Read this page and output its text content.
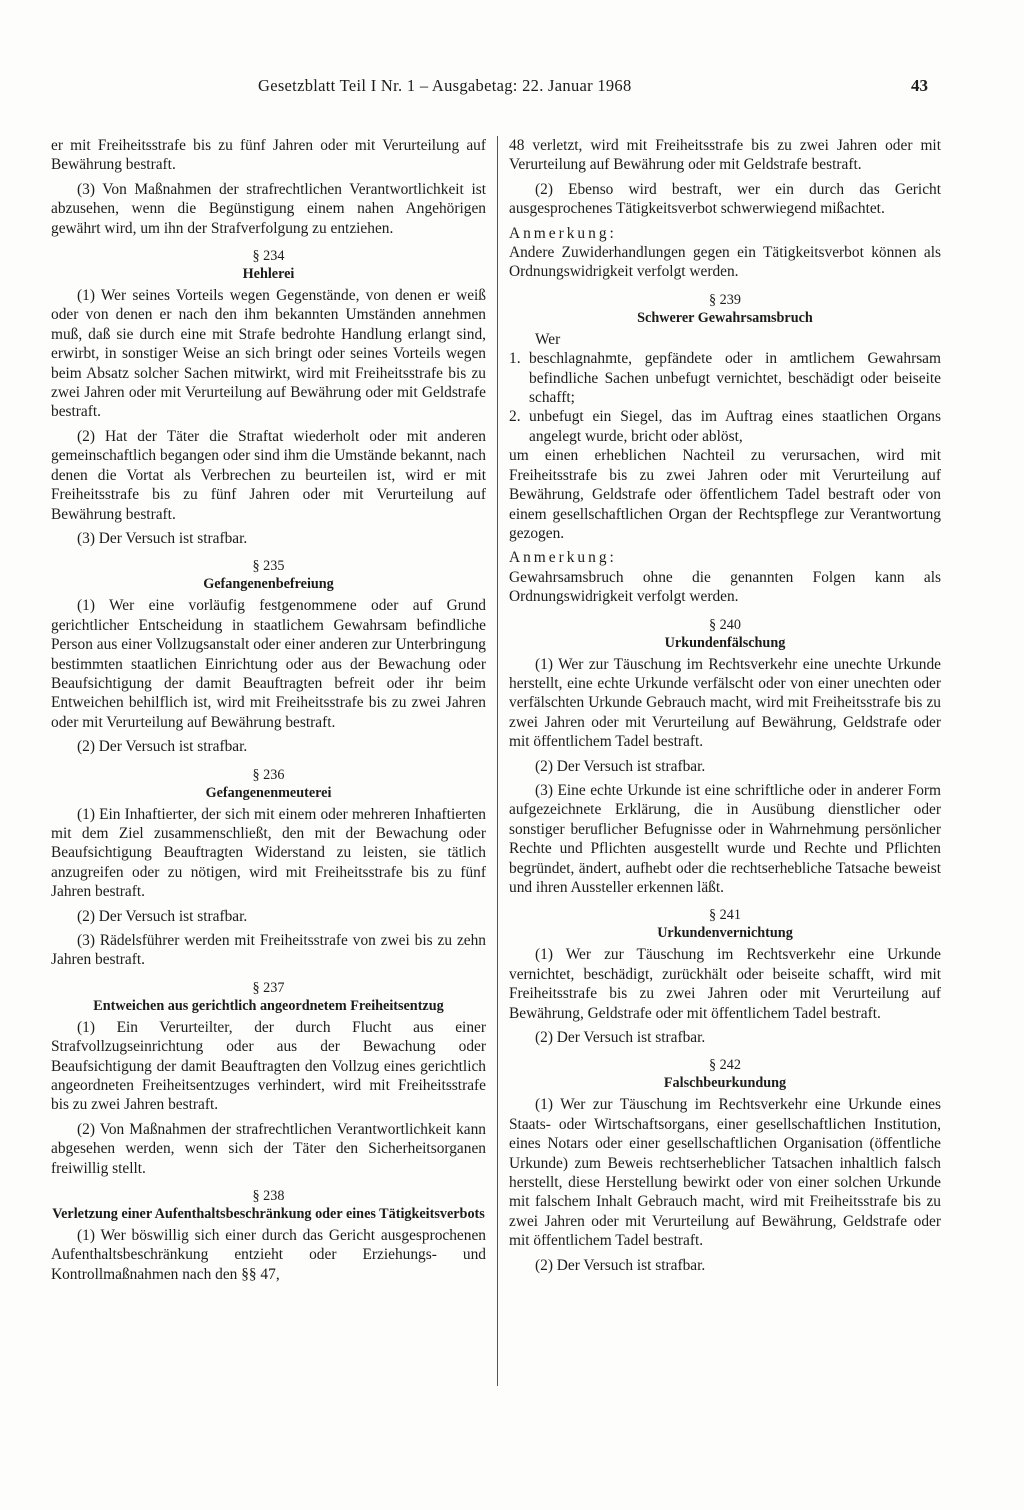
Gesetzblatt Teil I Nr. 1 – Ausgabetag: 22. Januar 1968	43

er mit Freiheitsstrafe bis zu fünf Jahren oder mit Verurteilung auf Bewährung bestraft.

(3) Von Maßnahmen der strafrechtlichen Verantwortlichkeit ist abzusehen, wenn die Begünstigung einem nahen Angehörigen gewährt wird, um ihn der Strafverfolgung zu entziehen.

§ 234
Hehlerei

(1) Wer seines Vorteils wegen Gegenstände, von denen er weiß oder von denen er nach den ihm bekannten Umständen annehmen muß, daß sie durch eine mit Strafe bedrohte Handlung erlangt sind, erwirbt, in sonstiger Weise an sich bringt oder seines Vorteils wegen beim Absatz solcher Sachen mitwirkt, wird mit Freiheitsstrafe bis zu zwei Jahren oder mit Verurteilung auf Bewährung oder mit Geldstrafe bestraft.

(2) Hat der Täter die Straftat wiederholt oder mit anderen gemeinschaftlich begangen oder sind ihm die Umstände bekannt, nach denen die Vortat als Verbrechen zu beurteilen ist, wird er mit Freiheitsstrafe bis zu fünf Jahren oder mit Verurteilung auf Bewährung bestraft.

(3) Der Versuch ist strafbar.

§ 235
Gefangenenbefreiung

(1) Wer eine vorläufig festgenommene oder auf Grund gerichtlicher Entscheidung in staatlichem Gewahrsam befindliche Person aus einer Vollzugsanstalt oder einer anderen zur Unterbringung bestimmten staatlichen Einrichtung oder aus der Bewachung oder Beaufsichtigung der damit Beauftragten befreit oder ihr beim Entweichen behilflich ist, wird mit Freiheitsstrafe bis zu zwei Jahren oder mit Verurteilung auf Bewährung bestraft.

(2) Der Versuch ist strafbar.

§ 236
Gefangenenmeuterei

(1) Ein Inhaftierter, der sich mit einem oder mehreren Inhaftierten mit dem Ziel zusammenschließt, den mit der Bewachung oder Beaufsichtigung Beauftragten Widerstand zu leisten, sie tätlich anzugreifen oder zu nötigen, wird mit Freiheitsstrafe bis zu fünf Jahren bestraft.

(2) Der Versuch ist strafbar.

(3) Rädelsführer werden mit Freiheitsstrafe von zwei bis zu zehn Jahren bestraft.

§ 237
Entweichen aus gerichtlich angeordnetem Freiheitsentzug

(1) Ein Verurteilter, der durch Flucht aus einer Strafvollzugseinrichtung oder aus der Bewachung oder Beaufsichtigung der damit Beauftragten den Vollzug eines gerichtlich angeordneten Freiheitsentzuges verhindert, wird mit Freiheitsstrafe bis zu zwei Jahren bestraft.

(2) Von Maßnahmen der strafrechtlichen Verantwortlichkeit kann abgesehen werden, wenn sich der Täter den Sicherheitsorganen freiwillig stellt.

§ 238
Verletzung einer Aufenthaltsbeschränkung oder eines Tätigkeitsverbots

(1) Wer böswillig sich einer durch das Gericht ausgesprochenen Aufenthaltsbeschränkung entzieht oder Erziehungs- und Kontrollmaßnahmen nach den §§ 47,

48 verletzt, wird mit Freiheitsstrafe bis zu zwei Jahren oder mit Verurteilung auf Bewährung oder mit Geldstrafe bestraft.

(2) Ebenso wird bestraft, wer ein durch das Gericht ausgesprochenes Tätigkeitsverbot schwerwiegend mißachtet.

Anmerkung:

Andere Zuwiderhandlungen gegen ein Tätigkeitsverbot können als Ordnungswidrigkeit verfolgt werden.

§ 239
Schwerer Gewahrsamsbruch

Wer

1. beschlagnahmte, gepfändete oder in amtlichem Gewahrsam befindliche Sachen unbefugt vernichtet, beschädigt oder beiseite schafft;
2. unbefugt ein Siegel, das im Auftrag eines staatlichen Organs angelegt wurde, bricht oder ablöst,

um einen erheblichen Nachteil zu verursachen, wird mit Freiheitsstrafe bis zu zwei Jahren oder mit Verurteilung auf Bewährung, Geldstrafe oder öffentlichem Tadel bestraft oder von einem gesellschaftlichen Organ der Rechtspflege zur Verantwortung gezogen.

Anmerkung:

Gewahrsamsbruch ohne die genannten Folgen kann als Ordnungswidrigkeit verfolgt werden.

§ 240
Urkundenfälschung

(1) Wer zur Täuschung im Rechtsverkehr eine unechte Urkunde herstellt, eine echte Urkunde verfälscht oder von einer unechten oder verfälschten Urkunde Gebrauch macht, wird mit Freiheitsstrafe bis zu zwei Jahren oder mit Verurteilung auf Bewährung, Geldstrafe oder mit öffentlichem Tadel bestraft.

(2) Der Versuch ist strafbar.

(3) Eine echte Urkunde ist eine schriftliche oder in anderer Form aufgezeichnete Erklärung, die in Ausübung dienstlicher oder sonstiger beruflicher Befugnisse oder in Wahrnehmung persönlicher Rechte und Pflichten ausgestellt wurde und Rechte und Pflichten begründet, ändert, aufhebt oder die rechtserhebliche Tatsache beweist und ihren Aussteller erkennen läßt.

§ 241
Urkundenvernichtung

(1) Wer zur Täuschung im Rechtsverkehr eine Urkunde vernichtet, beschädigt, zurückhält oder beiseite schafft, wird mit Freiheitsstrafe bis zu zwei Jahren oder mit Verurteilung auf Bewährung, Geldstrafe oder mit öffentlichem Tadel bestraft.

(2) Der Versuch ist strafbar.

§ 242
Falschbeurkundung

(1) Wer zur Täuschung im Rechtsverkehr eine Urkunde eines Staats- oder Wirtschaftsorgans, einer gesellschaftlichen Institution, eines Notars oder einer gesellschaftlichen Organisation (öffentliche Urkunde) zum Beweis rechtserheblicher Tatsachen inhaltlich falsch herstellt, diese Herstellung bewirkt oder von einer solchen Urkunde mit falschem Inhalt Gebrauch macht, wird mit Freiheitsstrafe bis zu zwei Jahren oder mit Verurteilung auf Bewährung, Geldstrafe oder mit öffentlichem Tadel bestraft.

(2) Der Versuch ist strafbar.
